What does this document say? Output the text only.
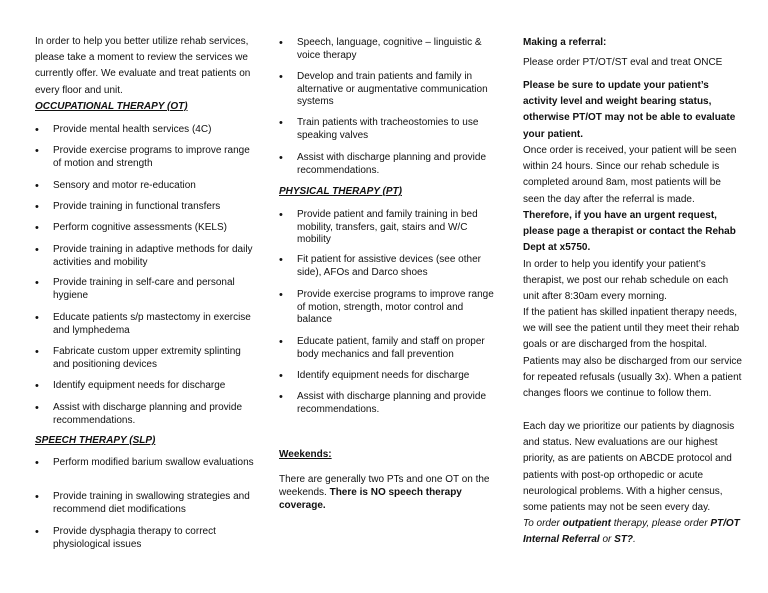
In order to help you better utilize rehab services, please take a moment to review the services we currently offer. We evaluate and treat patients on every floor and unit.

OCCUPATIONAL THERAPY (OT)

• Provide mental health services (4C)
• Provide exercise programs to improve range of motion and strength
• Sensory and motor re-education
• Provide training in functional transfers
• Perform cognitive assessments (KELS)
• Provide training in adaptive methods for daily activities and mobility
• Provide training in self-care and personal hygiene
• Educate patients s/p mastectomy in exercise and lymphedema
• Fabricate custom upper extremity splinting and positioning devices
• Identify equipment needs for discharge
• Assist with discharge planning and provide recommendations.

SPEECH THERAPY (SLP)

• Perform modified barium swallow evaluations
• Provide training in swallowing strategies and recommend diet modifications
• Provide dysphagia therapy to correct physiological issues
• Speech, language, cognitive – linguistic & voice therapy
• Develop and train patients and family in alternative or augmentative communication systems
• Train patients with tracheostomies to use speaking valves
• Assist with discharge planning and provide recommendations.

PHYSICAL THERAPY (PT)

• Provide patient and family training in bed mobility, transfers, gait, stairs and W/C mobility
• Fit patient for assistive devices (see other side), AFOs and Darco shoes
• Provide exercise programs to improve range of motion, strength, motor control and balance
• Educate patient, family and staff on proper body mechanics and fall prevention
• Identify equipment needs for discharge
• Assist with discharge planning and provide recommendations.

Weekends:

There are generally two PTs and one OT on the weekends. There is NO speech therapy coverage.

Making a referral:

Please order PT/OT/ST eval and treat ONCE

Please be sure to update your patient’s activity level and weight bearing status, otherwise PT/OT may not be able to evaluate your patient.

Once order is received, your patient will be seen within 24 hours. Since our rehab schedule is completed around 8am, most patients will be seen the day after the referral is made. Therefore, if you have an urgent request, please page a therapist or contact the Rehab Dept at x5750.

In order to help you identify your patient’s therapist, we post our rehab schedule on each unit after 8:30am every morning.

If the patient has skilled inpatient therapy needs, we will see the patient until they meet their rehab goals or are discharged from the hospital. Patients may also be discharged from our service for repeated refusals (usually 3x). When a patient changes floors we continue to follow them.

Each day we prioritize our patients by diagnosis and status. New evaluations are our highest priority, as are patients on ABCDE protocol and patients with post-op orthopedic or acute neurological problems. With a higher census, some patients may not be seen every day.

To order outpatient therapy, please order PT/OT Internal Referral or ST?.
